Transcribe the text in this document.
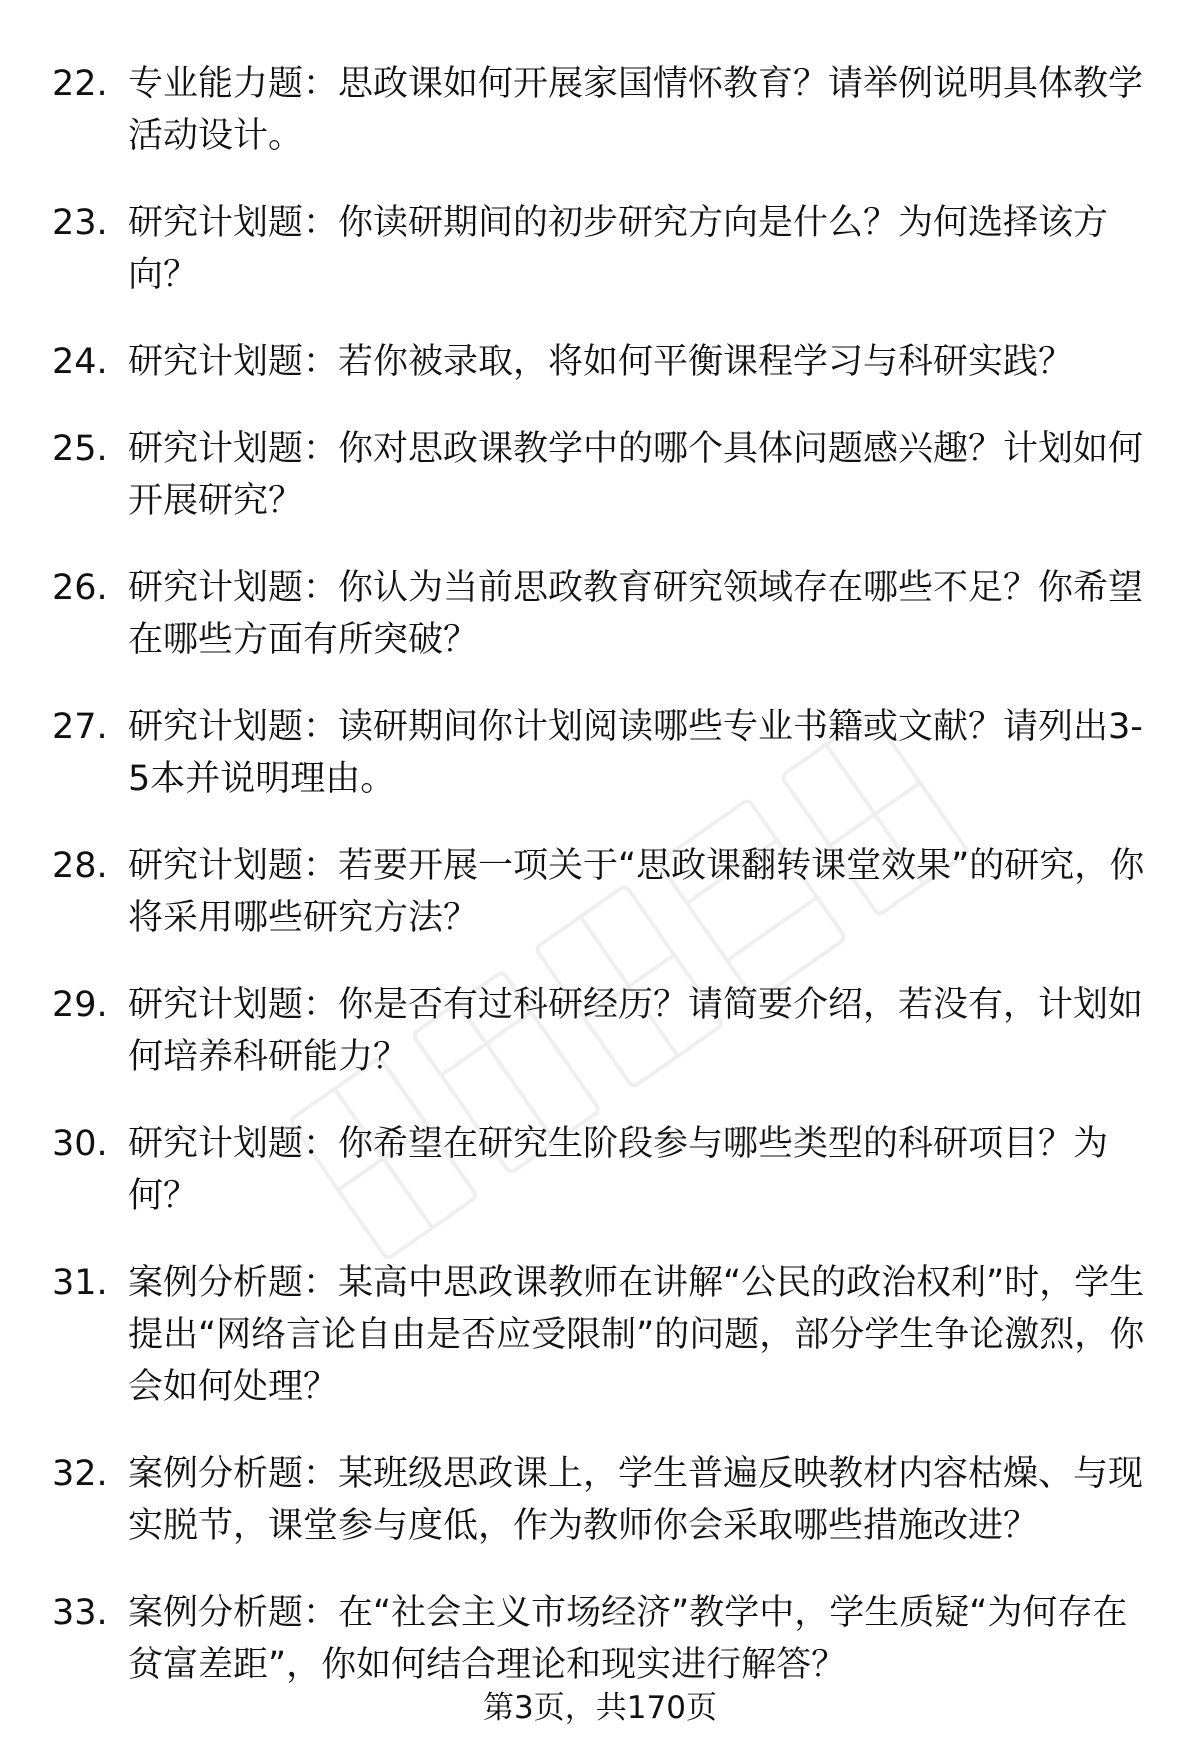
22. 专业能力题：思政课如何开展家国情怀教育？请举例说明具体教学活动设计。
23. 研究计划题：你读研期间的初步研究方向是什么？为何选择该方向？
24. 研究计划题：若你被录取，将如何平衡课程学习与科研实践？
25. 研究计划题：你对思政课教学中的哪个具体问题感兴趣？计划如何开展研究？
26. 研究计划题：你认为当前思政教育研究领域存在哪些不足？你希望在哪些方面有所突破？
27. 研究计划题：读研期间你计划阅读哪些专业书籍或文献？请列出3-5本并说明理由。
28. 研究计划题：若要开展一项关于“思政课翻转课堂效果”的研究，你将采用哪些研究方法？
29. 研究计划题：你是否有过科研经历？请简要介绍，若没有，计划如何培养科研能力？
30. 研究计划题：你希望在研究生阶段参与哪些类型的科研项目？为何？
31. 案例分析题：某高中思政课教师在讲解“公民的政治权利”时，学生提出“网络言论自由是否应受限制”的问题，部分学生争论激烈，你会如何处理？
32. 案例分析题：某班级思政课上，学生普遍反映教材内容枯燥、与现实脱节，课堂参与度低，作为教师你会采取哪些措施改进？
33. 案例分析题：在“社会主义市场经济”教学中，学生质疑“为何存在贫富差距”，你如何结合理论和现实进行解答？
第3页，共170页
